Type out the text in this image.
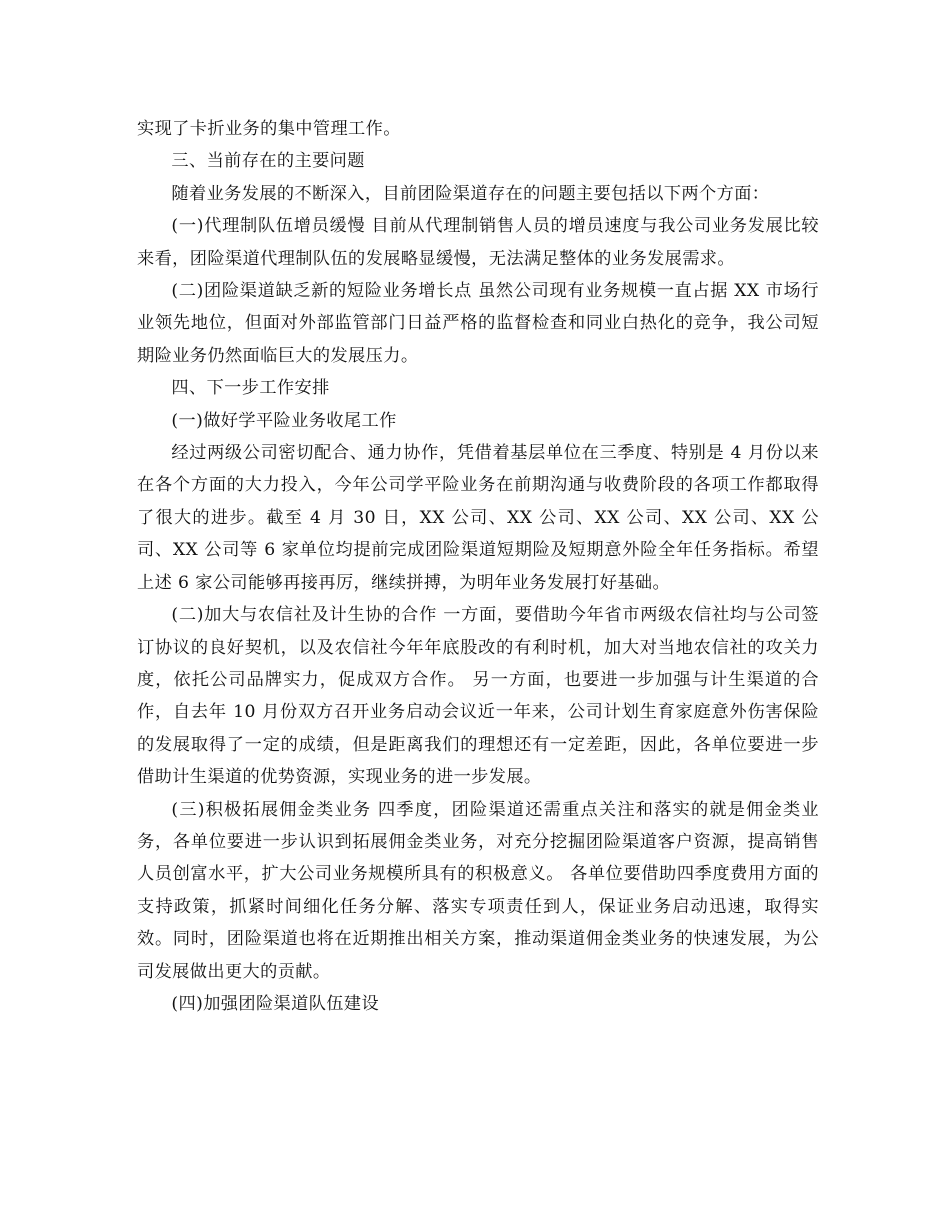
实现了卡折业务的集中管理工作。

三、当前存在的主要问题

随着业务发展的不断深入，目前团险渠道存在的问题主要包括以下两个方面：

(一)代理制队伍增员缓慢 目前从代理制销售人员的增员速度与我公司业务发展比较来看，团险渠道代理制队伍的发展略显缓慢，无法满足整体的业务发展需求。

(二)团险渠道缺乏新的短险业务增长点 虽然公司现有业务规模一直占据 XX 市场行业领先地位，但面对外部监管部门日益严格的监督检查和同业白热化的竞争，我公司短期险业务仍然面临巨大的发展压力。

四、下一步工作安排

(一)做好学平险业务收尾工作

经过两级公司密切配合、通力协作，凭借着基层单位在三季度、特别是 4 月份以来在各个方面的大力投入，今年公司学平险业务在前期沟通与收费阶段的各项工作都取得了很大的进步。截至 4 月 30 日，XX 公司、XX 公司、XX 公司、XX 公司、XX 公司、XX 公司等 6 家单位均提前完成团险渠道短期险及短期意外险全年任务指标。希望上述 6 家公司能够再接再厉，继续拼搏，为明年业务发展打好基础。

(二)加大与农信社及计生协的合作 一方面，要借助今年省市两级农信社均与公司签订协议的良好契机，以及农信社今年年底股改的有利时机，加大对当地农信社的攻关力度，依托公司品牌实力，促成双方合作。 另一方面，也要进一步加强与计生渠道的合作，自去年 10 月份双方召开业务启动会议近一年来，公司计划生育家庭意外伤害保险的发展取得了一定的成绩，但是距离我们的理想还有一定差距，因此，各单位要进一步借助计生渠道的优势资源，实现业务的进一步发展。

(三)积极拓展佣金类业务 四季度，团险渠道还需重点关注和落实的就是佣金类业务，各单位要进一步认识到拓展佣金类业务，对充分挖掘团险渠道客户资源，提高销售人员创富水平，扩大公司业务规模所具有的积极意义。 各单位要借助四季度费用方面的支持政策，抓紧时间细化任务分解、落实专项责任到人，保证业务启动迅速，取得实效。同时，团险渠道也将在近期推出相关方案，推动渠道佣金类业务的快速发展，为公司发展做出更大的贡献。

(四)加强团险渠道队伍建设
